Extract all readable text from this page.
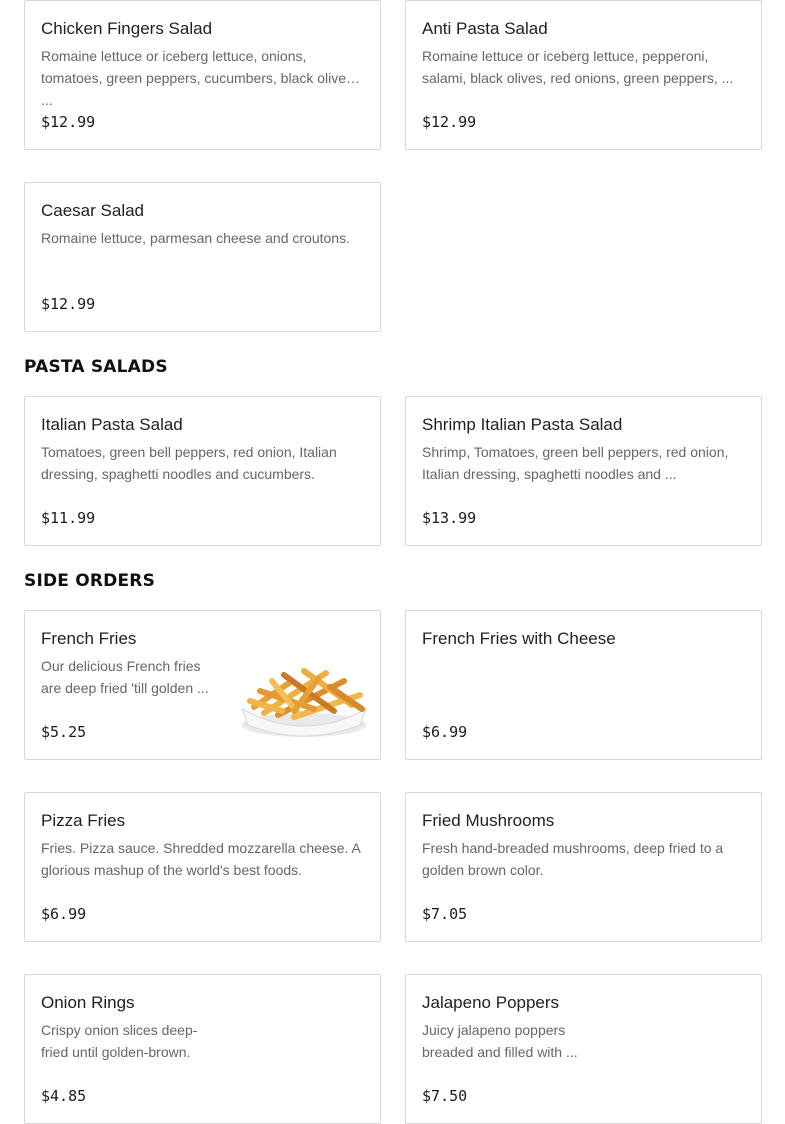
Chicken Fingers Salad
Romaine lettuce or iceberg lettuce, onions, tomatoes, green peppers, cucumbers, black olives, ...
$12.99
Anti Pasta Salad
Romaine lettuce or iceberg lettuce, pepperoni, salami, black olives, red onions, green peppers, ...
$12.99
Caesar Salad
Romaine lettuce, parmesan cheese and croutons.
$12.99
PASTA SALADS
Italian Pasta Salad
Tomatoes, green bell peppers, red onion, Italian dressing, spaghetti noodles and cucumbers.
$11.99
Shrimp Italian Pasta Salad
Shrimp, Tomatoes, green bell peppers, red onion, Italian dressing, spaghetti noodles and ...
$13.99
SIDE ORDERS
French Fries
Our delicious French fries are deep fried 'till golden ...
$5.25
French Fries with Cheese
$6.99
Pizza Fries
Fries. Pizza sauce. Shredded mozzarella cheese. A glorious mashup of the world's best foods.
$6.99
Fried Mushrooms
Fresh hand-breaded mushrooms, deep fried to a golden brown color.
$7.05
Onion Rings
Crispy onion slices deep-fried until golden-brown.
$4.85
Jalapeno Poppers
Juicy jalapeno poppers breaded and filled with ...
$7.50
